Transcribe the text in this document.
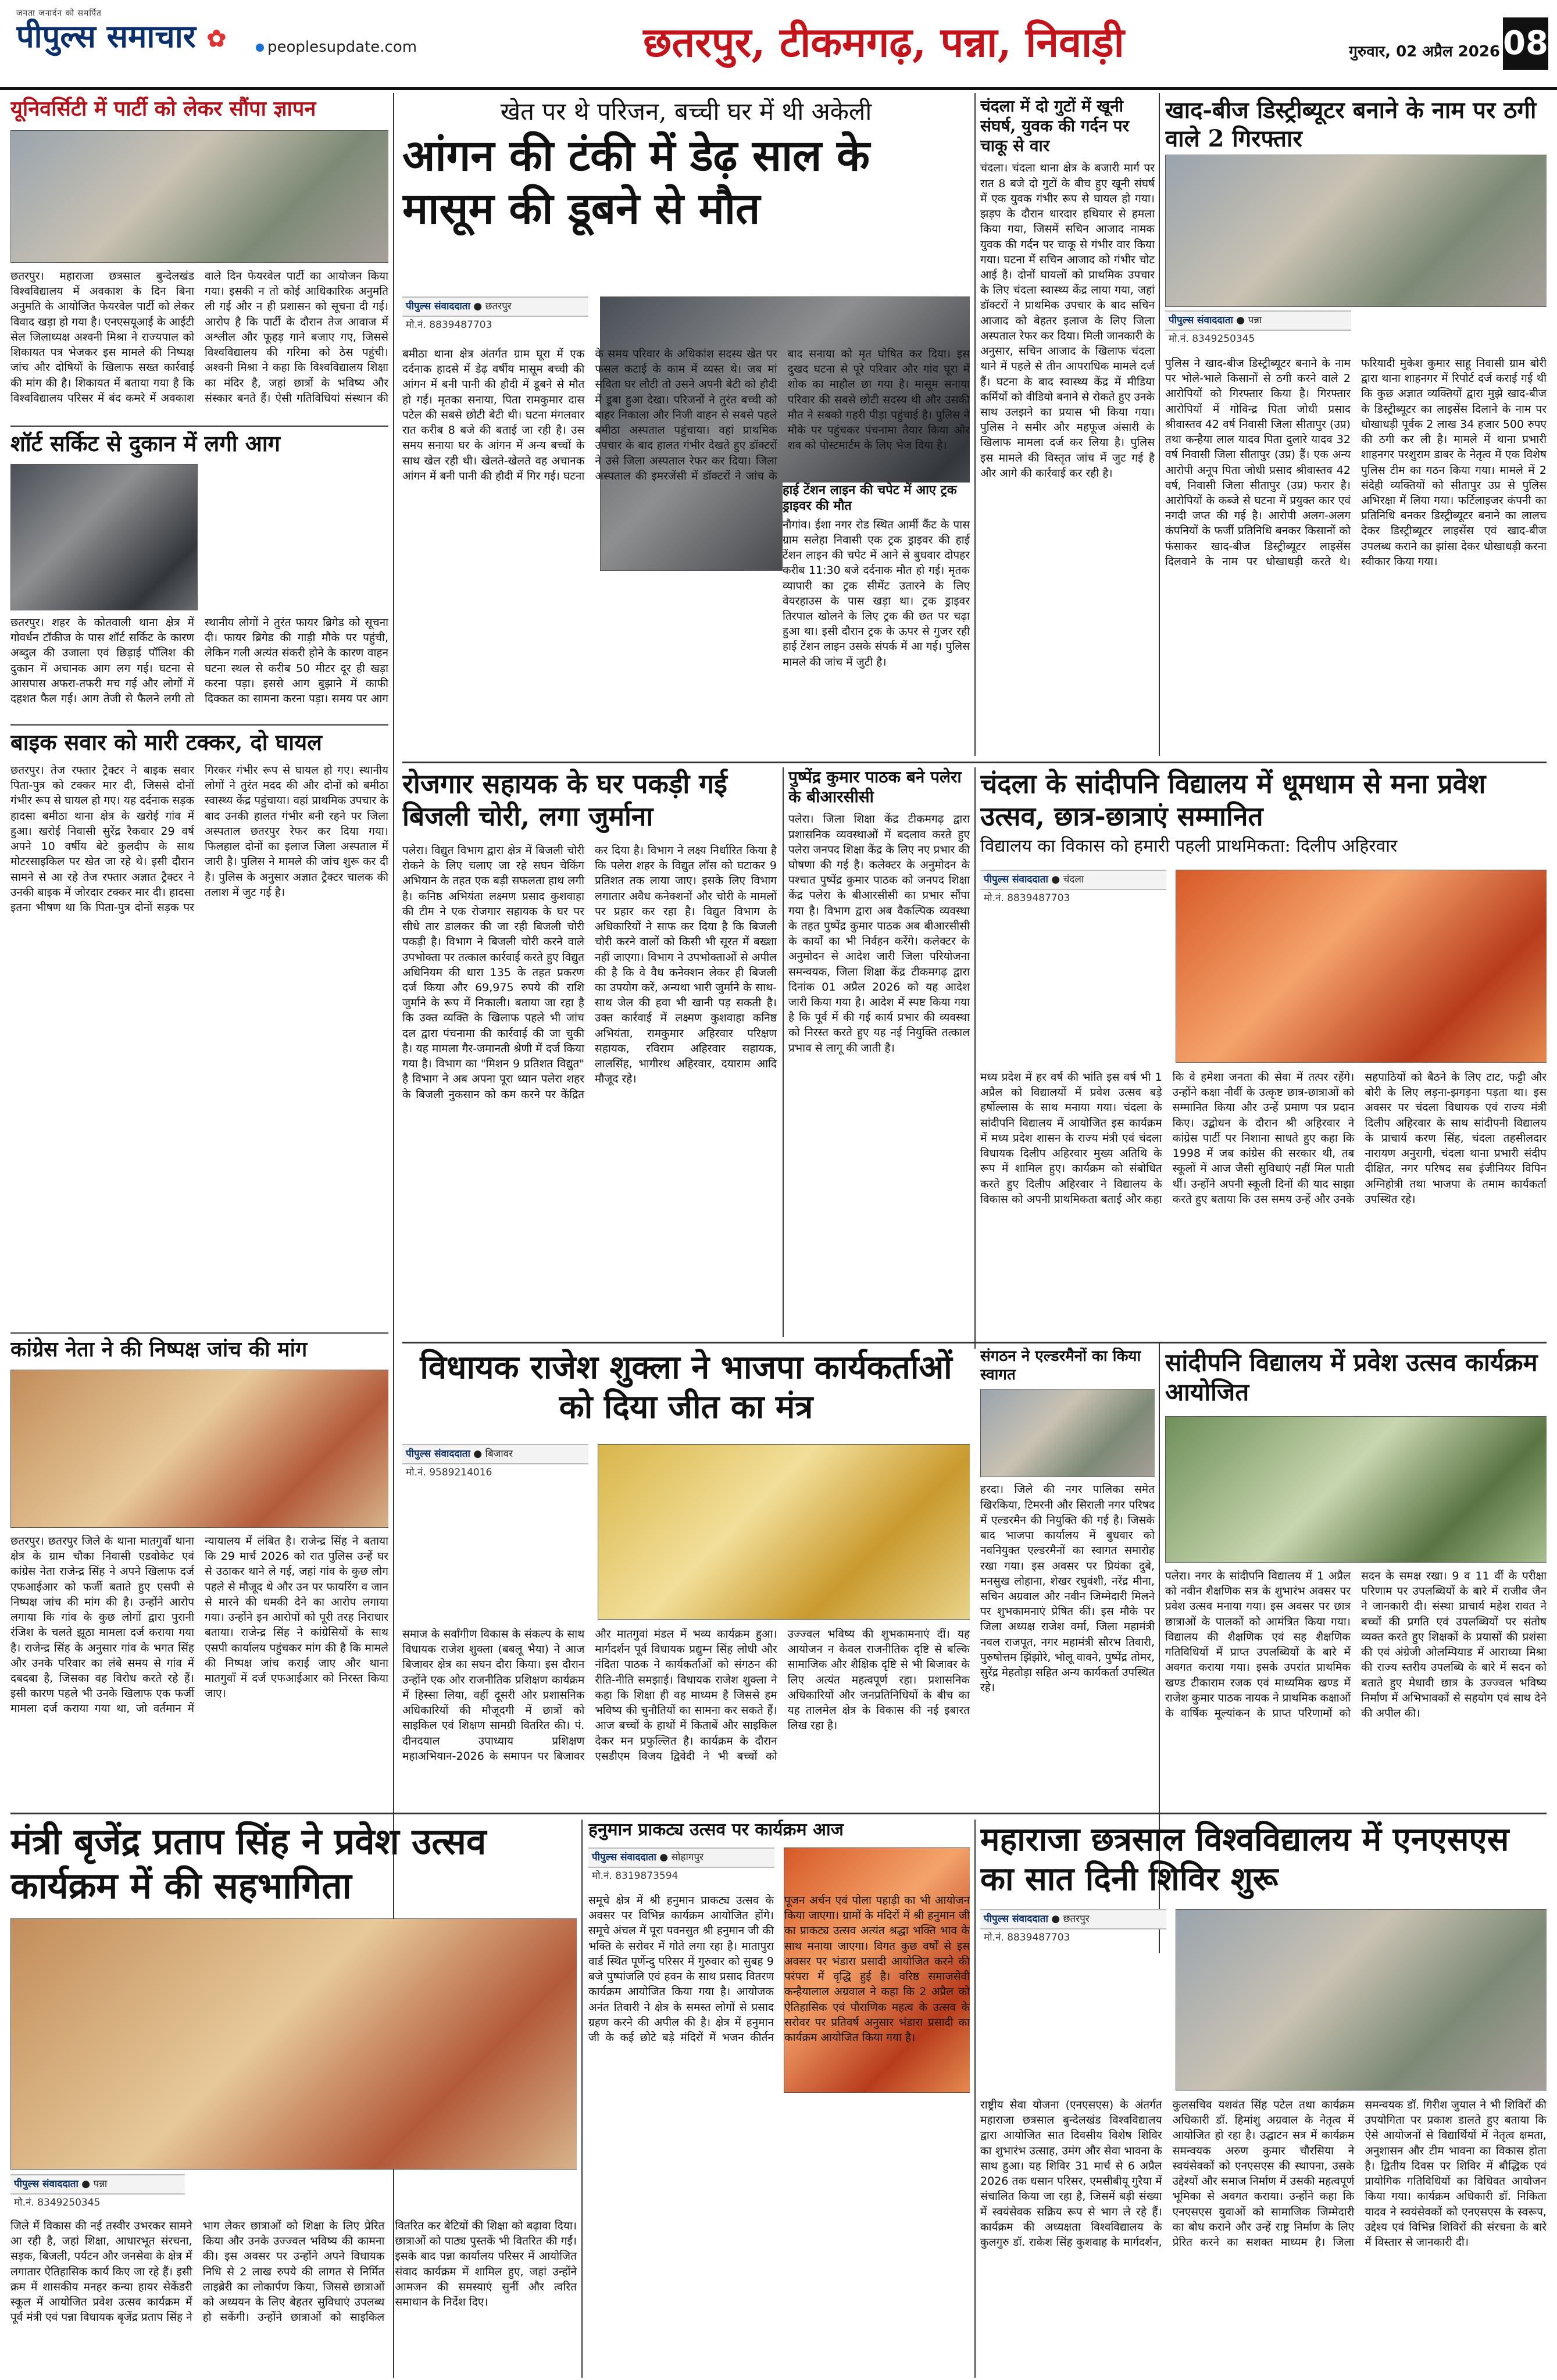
जनता जनार्दन को समर्पित
पीपुल्स समाचार ✿	peoplesupdate.com	छतरपुर, टीकमगढ़, पन्ना, निवाड़ी	गुरुवार, 02 अप्रैल 2026 08
यूनिवर्सिटी में पार्टी को लेकर सौंपा ज्ञापन
छतरपुर। महाराजा छत्रसाल बुन्देलखंड विश्वविद्यालय में अवकाश के दिन बिना अनुमति के आयोजित फेयरवेल पार्टी को लेकर विवाद खड़ा हो गया है। एनएसयूआई के आईटी सेल जिलाध्यक्ष अश्वनी मिश्रा ने राज्यपाल को शिकायत पत्र भेजकर इस मामले की निष्पक्ष जांच और दोषियों के खिलाफ सख्त कार्रवाई की मांग की है। शिकायत में बताया गया है कि विश्वविद्यालय परिसर में बंद कमरे में अवकाश वाले दिन फेयरवेल पार्टी का आयोजन किया गया। इसकी न तो कोई आधिकारिक अनुमति ली गई और न ही प्रशासन को सूचना दी गई। आरोप है कि पार्टी के दौरान तेज आवाज में अश्लील और फूहड़ गाने बजाए गए, जिससे विश्वविद्यालय की गरिमा को ठेस पहुंची। अश्वनी मिश्रा ने कहा कि विश्वविद्यालय शिक्षा का मंदिर है, जहां छात्रों के भविष्य और संस्कार बनते हैं। ऐसी गतिविधियां संस्थान की
शॉर्ट सर्किट से दुकान में लगी आग
छतरपुर। शहर के कोतवाली थाना क्षेत्र में गोवर्धन टॉकीज के पास शॉर्ट सर्किट के कारण अब्दुल की उजाला एवं छिड़ाई पॉलिश की दुकान में अचानक आग लग गई। घटना से आसपास अफरा-तफरी मच गई और लोगों में दहशत फैल गई। आग तेजी से फैलने लगी तो स्थानीय लोगों ने तुरंत फायर ब्रिगेड को सूचना दी। फायर ब्रिगेड की गाड़ी मौके पर पहुंची, लेकिन गली अत्यंत संकरी होने के कारण वाहन घटना स्थल से करीब 50 मीटर दूर ही खड़ा करना पड़ा। इससे आग बुझाने में काफी दिक्कत का सामना करना पड़ा। समय पर आग
बाइक सवार को मारी टक्कर, दो घायल
छतरपुर। तेज रफ्तार ट्रैक्टर ने बाइक सवार पिता-पुत्र को टक्कर मार दी, जिससे दोनों गंभीर रूप से घायल हो गए। यह दर्दनाक सड़क हादसा बमीठा थाना क्षेत्र के खरोई गांव में हुआ। खरोई निवासी सुरेंद्र रैकवार 29 वर्ष अपने 10 वर्षीय बेटे कुलदीप के साथ मोटरसाइकिल पर खेत जा रहे थे। इसी दौरान सामने से आ रहे तेज रफ्तार अज्ञात ट्रैक्टर ने उनकी बाइक में जोरदार टक्कर मार दी। हादसा इतना भीषण था कि पिता-पुत्र दोनों सड़क पर गिरकर गंभीर रूप से घायल हो गए। स्थानीय लोगों ने तुरंत मदद की और दोनों को बमीठा स्वास्थ्य केंद्र पहुंचाया। वहां प्राथमिक उपचार के बाद उनकी हालत गंभीर बनी रहने पर जिला अस्पताल छतरपुर रेफर कर दिया गया। फिलहाल दोनों का इलाज जिला अस्पताल में जारी है। पुलिस ने मामले की जांच शुरू कर दी है। पुलिस के अनुसार अज्ञात ट्रैक्टर चालक की तलाश में जुट गई है।
कांग्रेस नेता ने की निष्पक्ष जांच की मांग
छतरपुर। छतरपुर जिले के थाना मातगुवाँ थाना क्षेत्र के ग्राम चौका निवासी एडवोकेट एवं कांग्रेस नेता राजेन्द्र सिंह ने अपने खिलाफ दर्ज एफआईआर को फर्जी बताते हुए एसपी से निष्पक्ष जांच की मांग की है। उन्होंने आरोप लगाया कि गांव के कुछ लोगों द्वारा पुरानी रंजिश के चलते झूठा मामला दर्ज कराया गया है। राजेन्द्र सिंह के अनुसार गांव के भगत सिंह और उनके परिवार का लंबे समय से गांव में दबदबा है, जिसका वह विरोध करते रहे हैं। इसी कारण पहले भी उनके खिलाफ एक फर्जी मामला दर्ज कराया गया था, जो वर्तमान में न्यायालय में लंबित है। राजेन्द्र सिंह ने बताया कि 29 मार्च 2026 को रात पुलिस उन्हें घर से उठाकर थाने ले गई, जहां गांव के कुछ लोग पहले से मौजूद थे और उन पर फायरिंग व जान से मारने की धमकी देने का आरोप लगाया गया। उन्होंने इन आरोपों को पूरी तरह निराधार बताया। राजेन्द्र सिंह ने कांग्रेसियों के साथ एसपी कार्यालय पहुंचकर मांग की है कि मामले की निष्पक्ष जांच कराई जाए और थाना मातगुवाँ में दर्ज एफआईआर को निरस्त किया जाए।
खेत पर थे परिजन, बच्ची घर में थी अकेली
आंगन की टंकी में डेढ़ साल के मासूम की डूबने से मौत
पीपुल्स संवाददाता ● छतरपुर
मो.नं. 8839487703
बमीठा थाना क्षेत्र अंतर्गत ग्राम घूरा में एक दर्दनाक हादसे में डेढ़ वर्षीय मासूम बच्ची की आंगन में बनी पानी की हौदी में डूबने से मौत हो गई। मृतका सनाया, पिता रामकुमार दास पटेल की सबसे छोटी बेटी थी। घटना मंगलवार रात करीब 8 बजे की बताई जा रही है। उस समय सनाया घर के आंगन में अन्य बच्चों के साथ खेल रही थी। खेलते-खेलते वह अचानक आंगन में बनी पानी की हौदी में गिर गई। घटना के समय परिवार के अधिकांश सदस्य खेत पर फसल कटाई के काम में व्यस्त थे। जब मां सविता घर लौटी तो उसने अपनी बेटी को हौदी में डूबा हुआ देखा। परिजनों ने तुरंत बच्ची को बाहर निकाला और निजी वाहन से सबसे पहले बमीठा अस्पताल पहुंचाया। वहां प्राथमिक उपचार के बाद हालत गंभीर देखते हुए डॉक्टरों ने उसे जिला अस्पताल रेफर कर दिया। जिला अस्पताल की इमरजेंसी में डॉक्टरों ने जांच के बाद सनाया को मृत घोषित कर दिया। इस दुखद घटना से पूरे परिवार और गांव घूरा में शोक का माहौल छा गया है। मासूम सनाया परिवार की सबसे छोटी सदस्य थी और उसकी मौत ने सबको गहरी पीड़ा पहुंचाई है। पुलिस ने मौके पर पहुंचकर पंचनामा तैयार किया और शव को पोस्टमार्टम के लिए भेज दिया है।
हाई टेंशन लाइन की चपेट में आए ट्रक ड्राइवर की मौत
नौगांव। ईशा नगर रोड स्थित आर्मी कैंट के पास ग्राम सलेहा निवासी एक ट्रक ड्राइवर की हाई टेंशन लाइन की चपेट में आने से बुधवार दोपहर करीब 11:30 बजे दर्दनाक मौत हो गई। मृतक व्यापारी का ट्रक सीमेंट उतारने के लिए वेयरहाउस के पास खड़ा था। ट्रक ड्राइवर तिरपाल खोलने के लिए ट्रक की छत पर चढ़ा हुआ था। इसी दौरान ट्रक के ऊपर से गुजर रही हाई टेंशन लाइन उसके संपर्क में आ गई। पुलिस मामले की जांच में जुटी है।
चंदला में दो गुटों में खूनी संघर्ष, युवक की गर्दन पर चाकू से वार
चंदला। चंदला थाना क्षेत्र के बजारी मार्ग पर रात 8 बजे दो गुटों के बीच हुए खूनी संघर्ष में एक युवक गंभीर रूप से घायल हो गया। झड़प के दौरान धारदार हथियार से हमला किया गया, जिसमें सचिन आजाद नामक युवक की गर्दन पर चाकू से गंभीर वार किया गया। घटना में सचिन आजाद को गंभीर चोट आई है। दोनों घायलों को प्राथमिक उपचार के लिए चंदला स्वास्थ्य केंद्र लाया गया, जहां डॉक्टरों ने प्राथमिक उपचार के बाद सचिन आजाद को बेहतर इलाज के लिए जिला अस्पताल रेफर कर दिया। मिली जानकारी के अनुसार, सचिन आजाद के खिलाफ चंदला थाने में पहले से तीन आपराधिक मामले दर्ज हैं। घटना के बाद स्वास्थ्य केंद्र में मीडिया कर्मियों को वीडियो बनाने से रोकते हुए उनके साथ उलझने का प्रयास भी किया गया। पुलिस ने समीर और महफूज अंसारी के खिलाफ मामला दर्ज कर लिया है। पुलिस इस मामले की विस्तृत जांच में जुट गई है और आगे की कार्रवाई कर रही है।
खाद-बीज डिस्ट्रीब्यूटर बनाने के नाम पर ठगी वाले 2 गिरफ्तार
पीपुल्स संवाददाता ● पन्ना
मो.नं. 8349250345
पुलिस ने खाद-बीज डिस्ट्रीब्यूटर बनाने के नाम पर भोले-भाले किसानों से ठगी करने वाले 2 आरोपियों को गिरफ्तार किया है। गिरफ्तार आरोपियों में गोविन्द्र पिता जोधी प्रसाद श्रीवास्तव 42 वर्ष निवासी जिला सीतापुर (उप्र) तथा कन्हैया लाल यादव पिता दुलारे यादव 32 वर्ष निवासी जिला सीतापुर (उप्र) हैं। एक अन्य आरोपी अनूप पिता जोधी प्रसाद श्रीवास्तव 42 वर्ष, निवासी जिला सीतापुर (उप्र) फरार है। आरोपियों के कब्जे से घटना में प्रयुक्त कार एवं नगदी जप्त की गई है। आरोपी अलग-अलग कंपनियों के फर्जी प्रतिनिधि बनकर किसानों को फंसाकर खाद-बीज डिस्ट्रीब्यूटर लाइसेंस दिलवाने के नाम पर धोखाधड़ी करते थे। फरियादी मुकेश कुमार साहू निवासी ग्राम बोरी द्वारा थाना शाहनगर में रिपोर्ट दर्ज कराई गई थी कि कुछ अज्ञात व्यक्तियों द्वारा मुझे खाद-बीज के डिस्ट्रीब्यूटर का लाइसेंस दिलाने के नाम पर धोखाधड़ी पूर्वक 2 लाख 34 हजार 500 रुपए की ठगी कर ली है। मामले में थाना प्रभारी शाहनगर परशुराम डाबर के नेतृत्व में एक विशेष पुलिस टीम का गठन किया गया। मामले में 2 संदेही व्यक्तियों को सीतापुर उप्र से पुलिस अभिरक्षा में लिया गया। फर्टिलाइजर कंपनी का प्रतिनिधि बनकर डिस्ट्रीब्यूटर बनाने का लालच देकर डिस्ट्रीब्यूटर लाइसेंस एवं खाद-बीज उपलब्ध कराने का झांसा देकर धोखाधड़ी करना स्वीकार किया गया।
रोजगार सहायक के घर पकड़ी गई बिजली चोरी, लगा जुर्माना
पलेरा। विद्युत विभाग द्वारा क्षेत्र में बिजली चोरी रोकने के लिए चलाए जा रहे सघन चेकिंग अभियान के तहत एक बड़ी सफलता हाथ लगी है। कनिष्ठ अभियंता लक्ष्मण प्रसाद कुशवाहा की टीम ने एक रोजगार सहायक के घर पर सीधे तार डालकर की जा रही बिजली चोरी पकड़ी है। विभाग ने बिजली चोरी करने वाले उपभोक्ता पर तत्काल कार्रवाई करते हुए विद्युत अधिनियम की धारा 135 के तहत प्रकरण दर्ज किया और 69,975 रुपये की राशि जुर्माने के रूप में निकाली। बताया जा रहा है कि उक्त व्यक्ति के खिलाफ पहले भी जांच दल द्वारा पंचनामा की कार्रवाई की जा चुकी है। यह मामला गैर-जमानती श्रेणी में दर्ज किया गया है। विभाग का "मिशन 9 प्रतिशत विद्युत" है विभाग ने अब अपना पूरा ध्यान पलेरा शहर के बिजली नुकसान को कम करने पर केंद्रित कर दिया है। विभाग ने लक्ष्य निर्धारित किया है कि पलेरा शहर के विद्युत लॉस को घटाकर 9 प्रतिशत तक लाया जाए। इसके लिए विभाग लगातार अवैध कनेक्शनों और चोरी के मामलों पर प्रहार कर रहा है। विद्युत विभाग के अधिकारियों ने साफ कर दिया है कि बिजली चोरी करने वालों को किसी भी सूरत में बख्शा नहीं जाएगा। विभाग ने उपभोक्ताओं से अपील की है कि वे वैध कनेक्शन लेकर ही बिजली का उपयोग करें, अन्यथा भारी जुर्माने के साथ-साथ जेल की हवा भी खानी पड़ सकती है। उक्त कार्रवाई में लक्ष्मण कुशवाहा कनिष्ठ अभियंता, रामकुमार अहिरवार परिक्षण सहायक, रविराम अहिरवार सहायक, लालसिंह, भागीरथ अहिरवार, दयाराम आदि मौजूद रहे।
पुष्पेंद्र कुमार पाठक बने पलेरा के बीआरसीसी
पलेरा। जिला शिक्षा केंद्र टीकमगढ़ द्वारा प्रशासनिक व्यवस्थाओं में बदलाव करते हुए पलेरा जनपद शिक्षा केंद्र के लिए नए प्रभार की घोषणा की गई है। कलेक्टर के अनुमोदन के पश्चात पुष्पेंद्र कुमार पाठक को जनपद शिक्षा केंद्र पलेरा के बीआरसीसी का प्रभार सौंपा गया है। विभाग द्वारा अब वैकल्पिक व्यवस्था के तहत पुष्पेंद्र कुमार पाठक अब बीआरसीसी के कार्यों का भी निर्वहन करेंगे। कलेक्टर के अनुमोदन से आदेश जारी जिला परियोजना समन्वयक, जिला शिक्षा केंद्र टीकमगढ़ द्वारा दिनांक 01 अप्रैल 2026 को यह आदेश जारी किया गया है। आदेश में स्पष्ट किया गया है कि पूर्व में की गई कार्य प्रभार की व्यवस्था को निरस्त करते हुए यह नई नियुक्ति तत्काल प्रभाव से लागू की जाती है।
चंदला के सांदीपनि विद्यालय में धूमधाम से मना प्रवेश उत्सव, छात्र-छात्राएं सम्मानित
विद्यालय का विकास को हमारी पहली प्राथमिकता: दिलीप अहिरवार
पीपुल्स संवाददाता ● चंदला
मो.नं. 8839487703
मध्य प्रदेश में हर वर्ष की भांति इस वर्ष भी 1 अप्रैल को विद्यालयों में प्रवेश उत्सव बड़े हर्षोल्लास के साथ मनाया गया। चंदला के सांदीपनि विद्यालय में आयोजित इस कार्यक्रम में मध्य प्रदेश शासन के राज्य मंत्री एवं चंदला विधायक दिलीप अहिरवार मुख्य अतिथि के रूप में शामिल हुए। कार्यक्रम को संबोधित करते हुए दिलीप अहिरवार ने विद्यालय के विकास को अपनी प्राथमिकता बताई और कहा कि वे हमेशा जनता की सेवा में तत्पर रहेंगे। उन्होंने कक्षा नौवीं के उत्कृष्ट छात्र-छात्राओं को सम्मानित किया और उन्हें प्रमाण पत्र प्रदान किए। उद्बोधन के दौरान श्री अहिरवार ने कांग्रेस पार्टी पर निशाना साधते हुए कहा कि 1998 में जब कांग्रेस की सरकार थी, तब स्कूलों में आज जैसी सुविधाएं नहीं मिल पाती थीं। उन्होंने अपनी स्कूली दिनों की याद साझा करते हुए बताया कि उस समय उन्हें और उनके सहपाठियों को बैठने के लिए टाट, फट्टी और बोरी के लिए लड़ना-झगड़ना पड़ता था। इस अवसर पर चंदला विधायक एवं राज्य मंत्री दिलीप अहिरवार के साथ सांदीपनी विद्यालय के प्राचार्य करण सिंह, चंदला तहसीलदार नारायण अनुरागी, चंदला थाना प्रभारी संदीप दीक्षित, नगर परिषद सब इंजीनियर विपिन अग्निहोत्री तथा भाजपा के तमाम कार्यकर्ता उपस्थित रहे।
विधायक राजेश शुक्ला ने भाजपा कार्यकर्ताओं को दिया जीत का मंत्र
पीपुल्स संवाददाता ● बिजावर
मो.नं. 9589214016
समाज के सर्वांगीण विकास के संकल्प के साथ विधायक राजेश शुक्ला (बबलू भैया) ने आज बिजावर क्षेत्र का सघन दौरा किया। इस दौरान उन्होंने एक ओर राजनीतिक प्रशिक्षण कार्यक्रम में हिस्सा लिया, वहीं दूसरी ओर प्रशासनिक अधिकारियों की मौजूदगी में छात्रों को साइकिल एवं शिक्षण सामग्री वितरित की। पं. दीनदयाल उपाध्याय प्रशिक्षण महाअभियान-2026 के समापन पर बिजावर और मातगुवां मंडल में भव्य कार्यक्रम हुआ। मार्गदर्शन पूर्व विधायक प्रद्युम्न सिंह लोधी और नंदिता पाठक ने कार्यकर्ताओं को संगठन की रीति-नीति समझाई। विधायक राजेश शुक्ला ने कहा कि शिक्षा ही वह माध्यम है जिससे हम भविष्य की चुनौतियों का सामना कर सकते हैं। आज बच्चों के हाथों में किताबें और साइकिल देकर मन प्रफुल्लित है। कार्यक्रम के दौरान एसडीएम विजय द्विवेदी ने भी बच्चों को उज्ज्वल भविष्य की शुभकामनाएं दीं। यह आयोजन न केवल राजनीतिक दृष्टि से बल्कि सामाजिक और शैक्षिक दृष्टि से भी बिजावर के लिए अत्यंत महत्वपूर्ण रहा। प्रशासनिक अधिकारियों और जनप्रतिनिधियों के बीच का यह तालमेल क्षेत्र के विकास की नई इबारत लिख रहा है।
संगठन ने एल्डरमैनों का किया स्वागत
हरदा। जिले की नगर पालिका समेत खिरकिया, टिमरनी और सिराली नगर परिषद में एल्डरमैन की नियुक्ति की गई है। जिसके बाद भाजपा कार्यालय में बुधवार को नवनियुक्त एल्डरमैनों का स्वागत समारोह रखा गया। इस अवसर पर प्रियंका दुबे, मनसुख लोहाना, शेखर रघुवंशी, नरेंद्र मीना, सचिन अग्रवाल और नवीन जिम्मेदारी मिलने पर शुभकामनाएं प्रेषित कीं। इस मौके पर जिला अध्यक्ष राजेश वर्मा, जिला महामंत्री नवल राजपूत, नगर महामंत्री सौरभ तिवारी, पुरुषोत्तम झिंझोरे, भोलू वावने, पुष्पेंद्र तोमर, सुरेंद्र मेहतोड़ा सहित अन्य कार्यकर्ता उपस्थित रहे।
सांदीपनि विद्यालय में प्रवेश उत्सव कार्यक्रम आयोजित
पलेरा। नगर के सांदीपनि विद्यालय में 1 अप्रैल को नवीन शैक्षणिक सत्र के शुभारंभ अवसर पर प्रवेश उत्सव मनाया गया। इस अवसर पर छात्र छात्राओं के पालकों को आमंत्रित किया गया। विद्यालय की शैक्षणिक एवं सह शैक्षणिक गतिविधियों में प्राप्त उपलब्धियों के बारे में अवगत कराया गया। इसके उपरांत प्राथमिक खण्ड टीकाराम रजक एवं माध्यमिक खण्ड में राजेश कुमार पाठक नायक ने प्राथमिक कक्षाओं के वार्षिक मूल्यांकन के प्राप्त परिणामों को सदन के समक्ष रखा। 9 व 11 वीं के परीक्षा परिणाम पर उपलब्धियों के बारे में राजीव जैन ने जानकारी दी। संस्था प्राचार्य महेश रावत ने बच्चों की प्रगति एवं उपलब्धियों पर संतोष व्यक्त करते हुए शिक्षकों के प्रयासों की प्रशंसा की एवं अंग्रेजी ओलम्पियाड में आराध्या मिश्रा की राज्य स्तरीय उपलब्धि के बारे में सदन को बताते हुए मेधावी छात्र के उज्ज्वल भविष्य निर्माण में अभिभावकों से सहयोग एवं साथ देने की अपील की।
मंत्री बृजेंद्र प्रताप सिंह ने प्रवेश उत्सव कार्यक्रम में की सहभागिता
पीपुल्स संवाददाता ● पन्ना
मो.नं. 8349250345
जिले में विकास की नई तस्वीर उभरकर सामने आ रही है, जहां शिक्षा, आधारभूत संरचना, सड़क, बिजली, पर्यटन और जनसेवा के क्षेत्र में लगातार ऐतिहासिक कार्य किए जा रहे हैं। इसी क्रम में शासकीय मनहर कन्या हायर सेकेंडरी स्कूल में आयोजित प्रवेश उत्सव कार्यक्रम में पूर्व मंत्री एवं पन्ना विधायक बृजेंद्र प्रताप सिंह ने भाग लेकर छात्राओं को शिक्षा के लिए प्रेरित किया और उनके उज्ज्वल भविष्य की कामना की। इस अवसर पर उन्होंने अपने विधायक निधि से 2 लाख रुपये की लागत से निर्मित लाइब्रेरी का लोकार्पण किया, जिससे छात्राओं को अध्ययन के लिए बेहतर सुविधाएं उपलब्ध हो सकेंगी। उन्होंने छात्राओं को साइकिल वितरित कर बेटियों की शिक्षा को बढ़ावा दिया। छात्राओं को पाठ्य पुस्तकें भी वितरित की गईं। इसके बाद पन्ना कार्यालय परिसर में आयोजित संवाद कार्यक्रम में शामिल हुए, जहां उन्होंने आमजन की समस्याएं सुनीं और त्वरित समाधान के निर्देश दिए।
हनुमान प्राकट्य उत्सव पर कार्यक्रम आज
पीपुल्स संवाददाता ● सोहागपुर
मो.नं. 8319873594
समूचे क्षेत्र में श्री हनुमान प्राकट्य उत्सव के अवसर पर विभिन्न कार्यक्रम आयोजित होंगे। समूचे अंचल में पूरा पवनसुत श्री हनुमान जी की भक्ति के सरोवर में गोते लगा रहा है। मातापुरा वार्ड स्थित पूर्णेन्दु परिसर में गुरुवार को सुबह 9 बजे पुष्पांजलि एवं हवन के साथ प्रसाद वितरण कार्यक्रम आयोजित किया गया है। आयोजक अनंत तिवारी ने क्षेत्र के समस्त लोगों से प्रसाद ग्रहण करने की अपील की है। क्षेत्र में हनुमान जी के कई छोटे बड़े मंदिरों में भजन कीर्तन पूजन अर्चन एवं पोला पहाड़ी का भी आयोजन किया जाएगा। ग्रामों के मंदिरों में श्री हनुमान जी का प्राकट्य उत्सव अत्यंत श्रद्धा भक्ति भाव के साथ मनाया जाएगा। विगत कुछ वर्षों से इस अवसर पर भंडारा प्रसादी आयोजित करने की परंपरा में वृद्धि हुई है। वरिष्ठ समाजसेवी कन्हैयालाल अग्रवाल ने कहा कि 2 अप्रैल को ऐतिहासिक एवं पौराणिक महत्व के उत्सव के सरोवर पर प्रतिवर्ष अनुसार भंडारा प्रसादी का कार्यक्रम आयोजित किया गया है।
महाराजा छत्रसाल विश्वविद्यालय में एनएसएस का सात दिनी शिविर शुरू
पीपुल्स संवाददाता ● छतरपुर
मो.नं. 8839487703
राष्ट्रीय सेवा योजना (एनएसएस) के अंतर्गत महाराजा छत्रसाल बुन्देलखंड विश्वविद्यालय द्वारा आयोजित सात दिवसीय विशेष शिविर का शुभारंभ उत्साह, उमंग और सेवा भावना के साथ हुआ। यह शिविर 31 मार्च से 6 अप्रैल 2026 तक धसान परिसर, एमसीबीयू गुरैया में संचालित किया जा रहा है, जिसमें बड़ी संख्या में स्वयंसेवक सक्रिय रूप से भाग ले रहे हैं। कार्यक्रम की अध्यक्षता विश्वविद्यालय के कुलगुरु डॉ. राकेश सिंह कुशवाह के मार्गदर्शन, कुलसचिव यशवंत सिंह पटेल तथा कार्यक्रम अधिकारी डॉ. हिमांशु अग्रवाल के नेतृत्व में आयोजित हो रहा है। उद्घाटन सत्र में कार्यक्रम समन्वयक अरुण कुमार चौरसिया ने स्वयंसेवकों को एनएसएस की स्थापना, उसके उद्देश्यों और समाज निर्माण में उसकी महत्वपूर्ण भूमिका से अवगत कराया। उन्होंने कहा कि एनएसएस युवाओं को सामाजिक जिम्मेदारी का बोध कराने और उन्हें राष्ट्र निर्माण के लिए प्रेरित करने का सशक्त माध्यम है। जिला समन्वयक डॉ. गिरीश जुयाल ने भी शिविरों की उपयोगिता पर प्रकाश डालते हुए बताया कि ऐसे आयोजनों से विद्यार्थियों में नेतृत्व क्षमता, अनुशासन और टीम भावना का विकास होता है। द्वितीय दिवस पर शिविर में बौद्धिक एवं प्रायोगिक गतिविधियों का विधिवत आयोजन किया गया। कार्यक्रम अधिकारी डॉ. निकिता यादव ने स्वयंसेवकों को एनएसएस के स्वरूप, उद्देश्य एवं विभिन्न शिविरों की संरचना के बारे में विस्तार से जानकारी दी।
